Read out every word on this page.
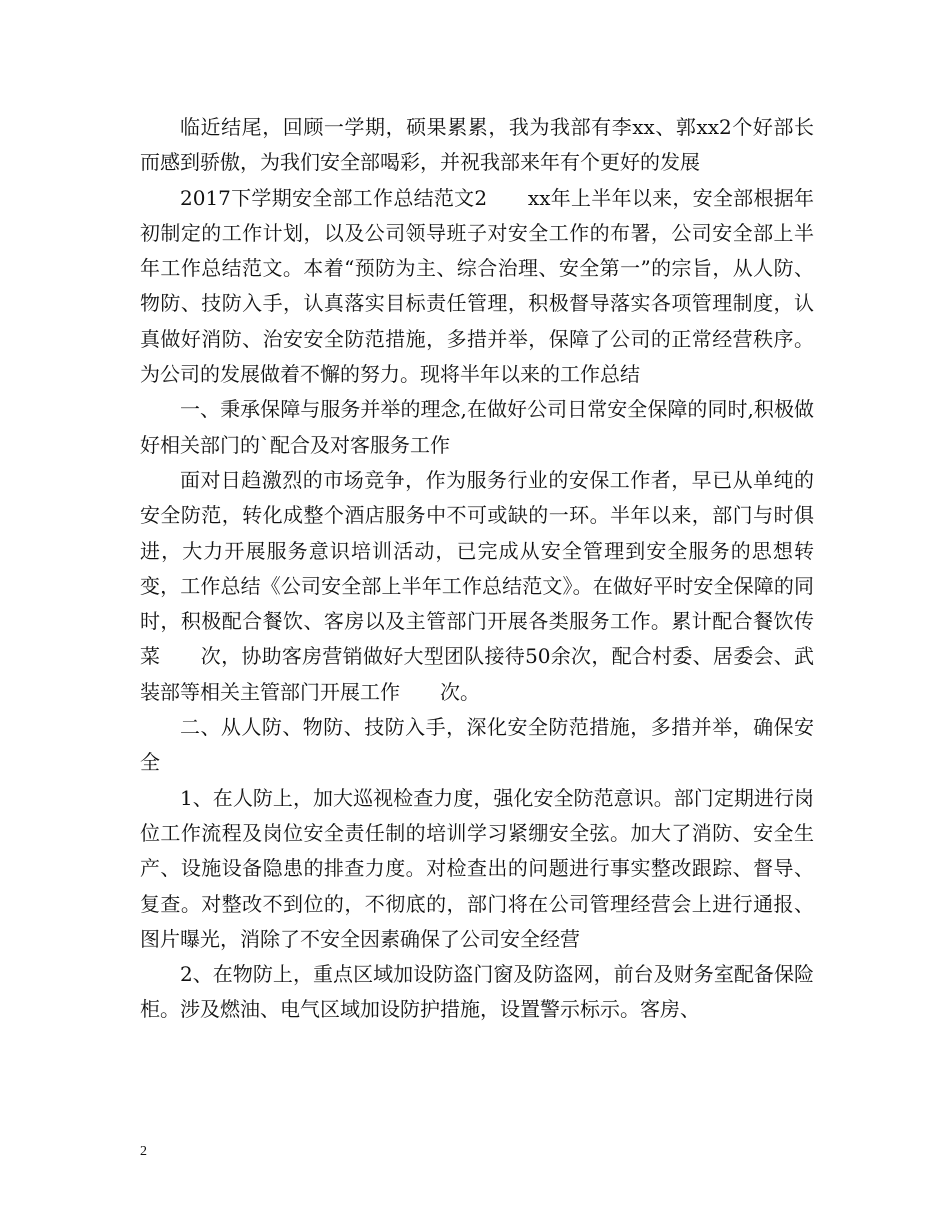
临近结尾，回顾一学期，硕果累累，我为我部有李xx、郭xx2个好部长而感到骄傲，为我们安全部喝彩，并祝我部来年有个更好的发展

2017下学期安全部工作总结范文2　　xx年上半年以来，安全部根据年初制定的工作计划，以及公司领导班子对安全工作的布署，公司安全部上半年工作总结范文。本着“预防为主、综合治理、安全第一”的宗旨，从人防、物防、技防入手，认真落实目标责任管理，积极督导落实各项管理制度，认真做好消防、治安安全防范措施，多措并举，保障了公司的正常经营秩序。为公司的发展做着不懈的努力。现将半年以来的工作总结

一、秉承保障与服务并举的理念,在做好公司日常安全保障的同时,积极做好相关部门的`配合及对客服务工作

面对日趋激烈的市场竞争，作为服务行业的安保工作者，早已从单纯的安全防范，转化成整个酒店服务中不可或缺的一环。半年以来，部门与时俱进，大力开展服务意识培训活动，已完成从安全管理到安全服务的思想转变，工作总结《公司安全部上半年工作总结范文》。在做好平时安全保障的同时，积极配合餐饮、客房以及主管部门开展各类服务工作。累计配合餐饮传菜　　次，协助客房营销做好大型团队接待50余次，配合村委、居委会、武装部等相关主管部门开展工作　　次。

二、从人防、物防、技防入手，深化安全防范措施，多措并举，确保安全

1、在人防上，加大巡视检查力度，强化安全防范意识。部门定期进行岗位工作流程及岗位安全责任制的培训学习紧绷安全弦。加大了消防、安全生产、设施设备隐患的排查力度。对检查出的问题进行事实整改跟踪、督导、复查。对整改不到位的，不彻底的，部门将在公司管理经营会上进行通报、图片曝光，消除了不安全因素确保了公司安全经营

2、在物防上，重点区域加设防盗门窗及防盗网，前台及财务室配备保险柜。涉及燃油、电气区域加设防护措施，设置警示标示。客房、

2
